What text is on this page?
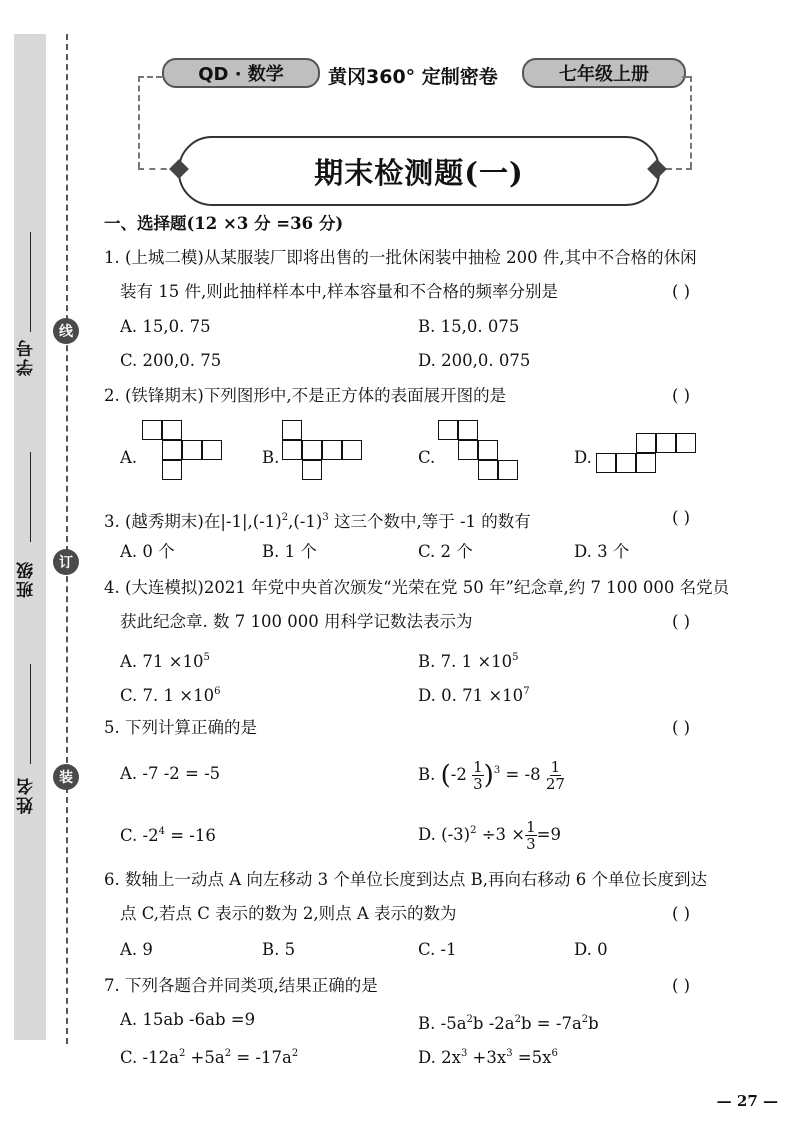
学号
班级
姓名
线
订
装
QD · 数学 黄冈360° 定制密卷	七年级上册
期末检测题(一)
一、选择题(12 ×3 分 =36 分)
1. (上城二模)从某服装厂即将出售的一批休闲装中抽检 200 件,其中不合格的休闲
装有 15 件,则此抽样样本中,样本容量和不合格的频率分别是	( )
A. 15,0. 75	B. 15,0. 075
C. 200,0. 75	D. 200,0. 075
2. (铁锋期末)下列图形中,不是正方体的表面展开图的是	( )
A.	B.	C.	D.
3. (越秀期末)在$|-1|,(-1)^2,(-1)^3$ 这三个数中,等于 -1 的数有	( )
A. 0 个	B. 1 个	C. 2 个	D. 3 个
4. (大连模拟)2021 年党中央首次颁发“光荣在党 50 年”纪念章,约 7 100 000 名党员
获此纪念章. 数 7 100 000 用科学记数法表示为	( )
A. $71 \times 10^5$	B. 7. $1 \times 10^5$
C. 7. $1 \times 10^6$	D. 0. $71 \times 10^7$
5. 下列计算正确的是	( )
A. -7 -2 = -5	B. $(-2 \frac{1}{3} )^3 = -8 \frac{1}{27}$
C. $-2^4 = -16$	D. $(-3)^2 \div 3 \times \frac{1}{3} =9$
6. 数轴上一动点 A 向左移动 3 个单位长度到达点 B,再向右移动 6 个单位长度到达
点 C,若点 C 表示的数为 2,则点 A 表示的数为	( )
A. 9	B. 5	C. -1	D. 0
7. 下列各题合并同类项,结果正确的是	( )
A. 15ab -6ab =9	B. $-5a^2b$ $-2a^2b = -7a^2b$
C. $-12a^2 +5a^2 = -17a^2$	D. $2x^3 +3x^3 =5x^6$
— 27 —
